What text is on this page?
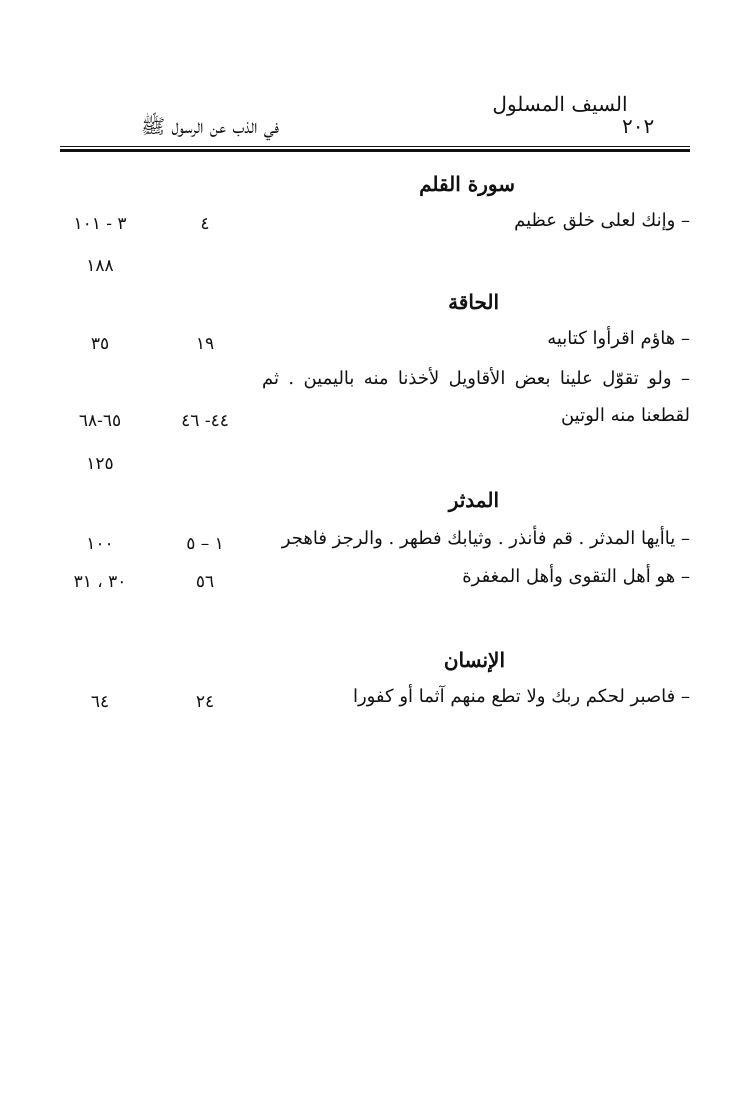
السيف المسلول
في الذب عن الرسول ﷺ	٢٠٢
سورة القلم
– وإنك لعلى خلق عظيم
٤
٣ - ١٠١
١٨٨
الحاقة
– هاؤم اقرأوا كتابيه
١٩
٣٥
– ولو تقوّل علينا بعض الأقاويل لأخذنا منه باليمين . ثم
لقطعنا منه الوتين
٤٤- ٤٦
٦٥-٦٨
١٢٥
المدثر
– ياأيها المدثر . قم فأنذر . وثيابك فطهر . والرجز فاهجر
١ – ٥
١٠٠
– هو أهل التقوى وأهل المغفرة
٥٦
٣٠ ، ٣١
الإنسان
– فاصبر لحكم ربك ولا تطع منهم آثما أو كفورا
٢٤
٦٤
